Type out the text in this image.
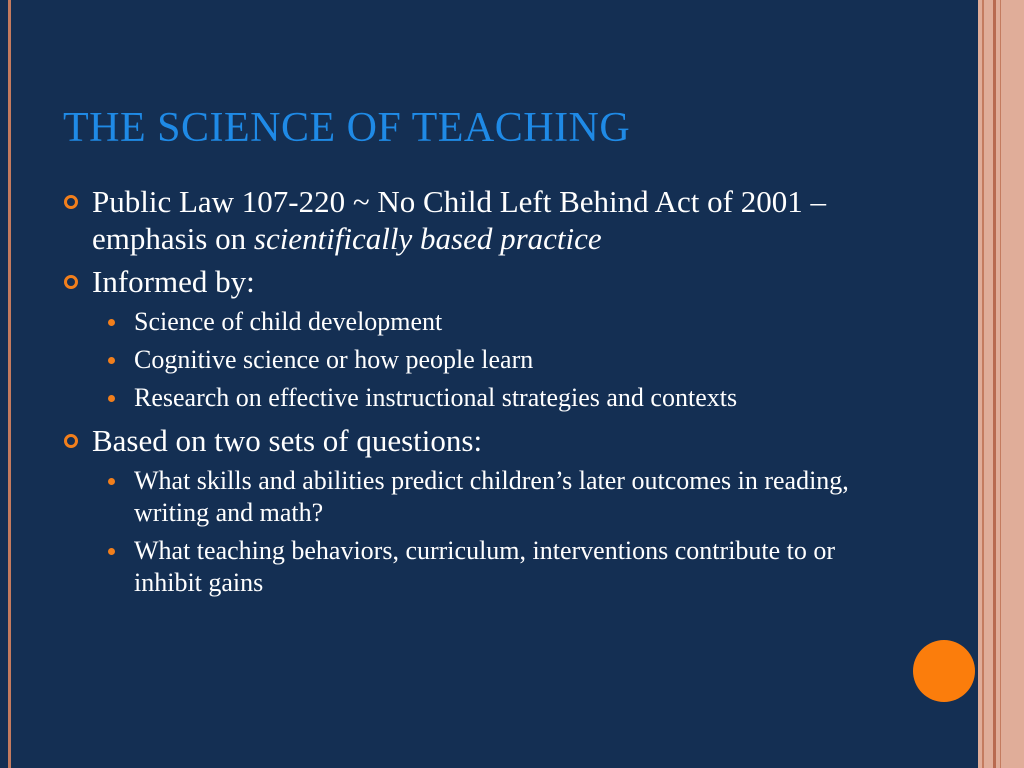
THE SCIENCE OF TEACHING

Public Law 107-220 ~ No Child Left Behind Act of 2001 – emphasis on scientifically based practice

Informed by:

Science of child development

Cognitive science or how people learn

Research on effective instructional strategies and contexts

Based on two sets of questions:

What skills and abilities predict children’s later outcomes in reading, writing and math?

What teaching behaviors, curriculum, interventions contribute to or inhibit gains
